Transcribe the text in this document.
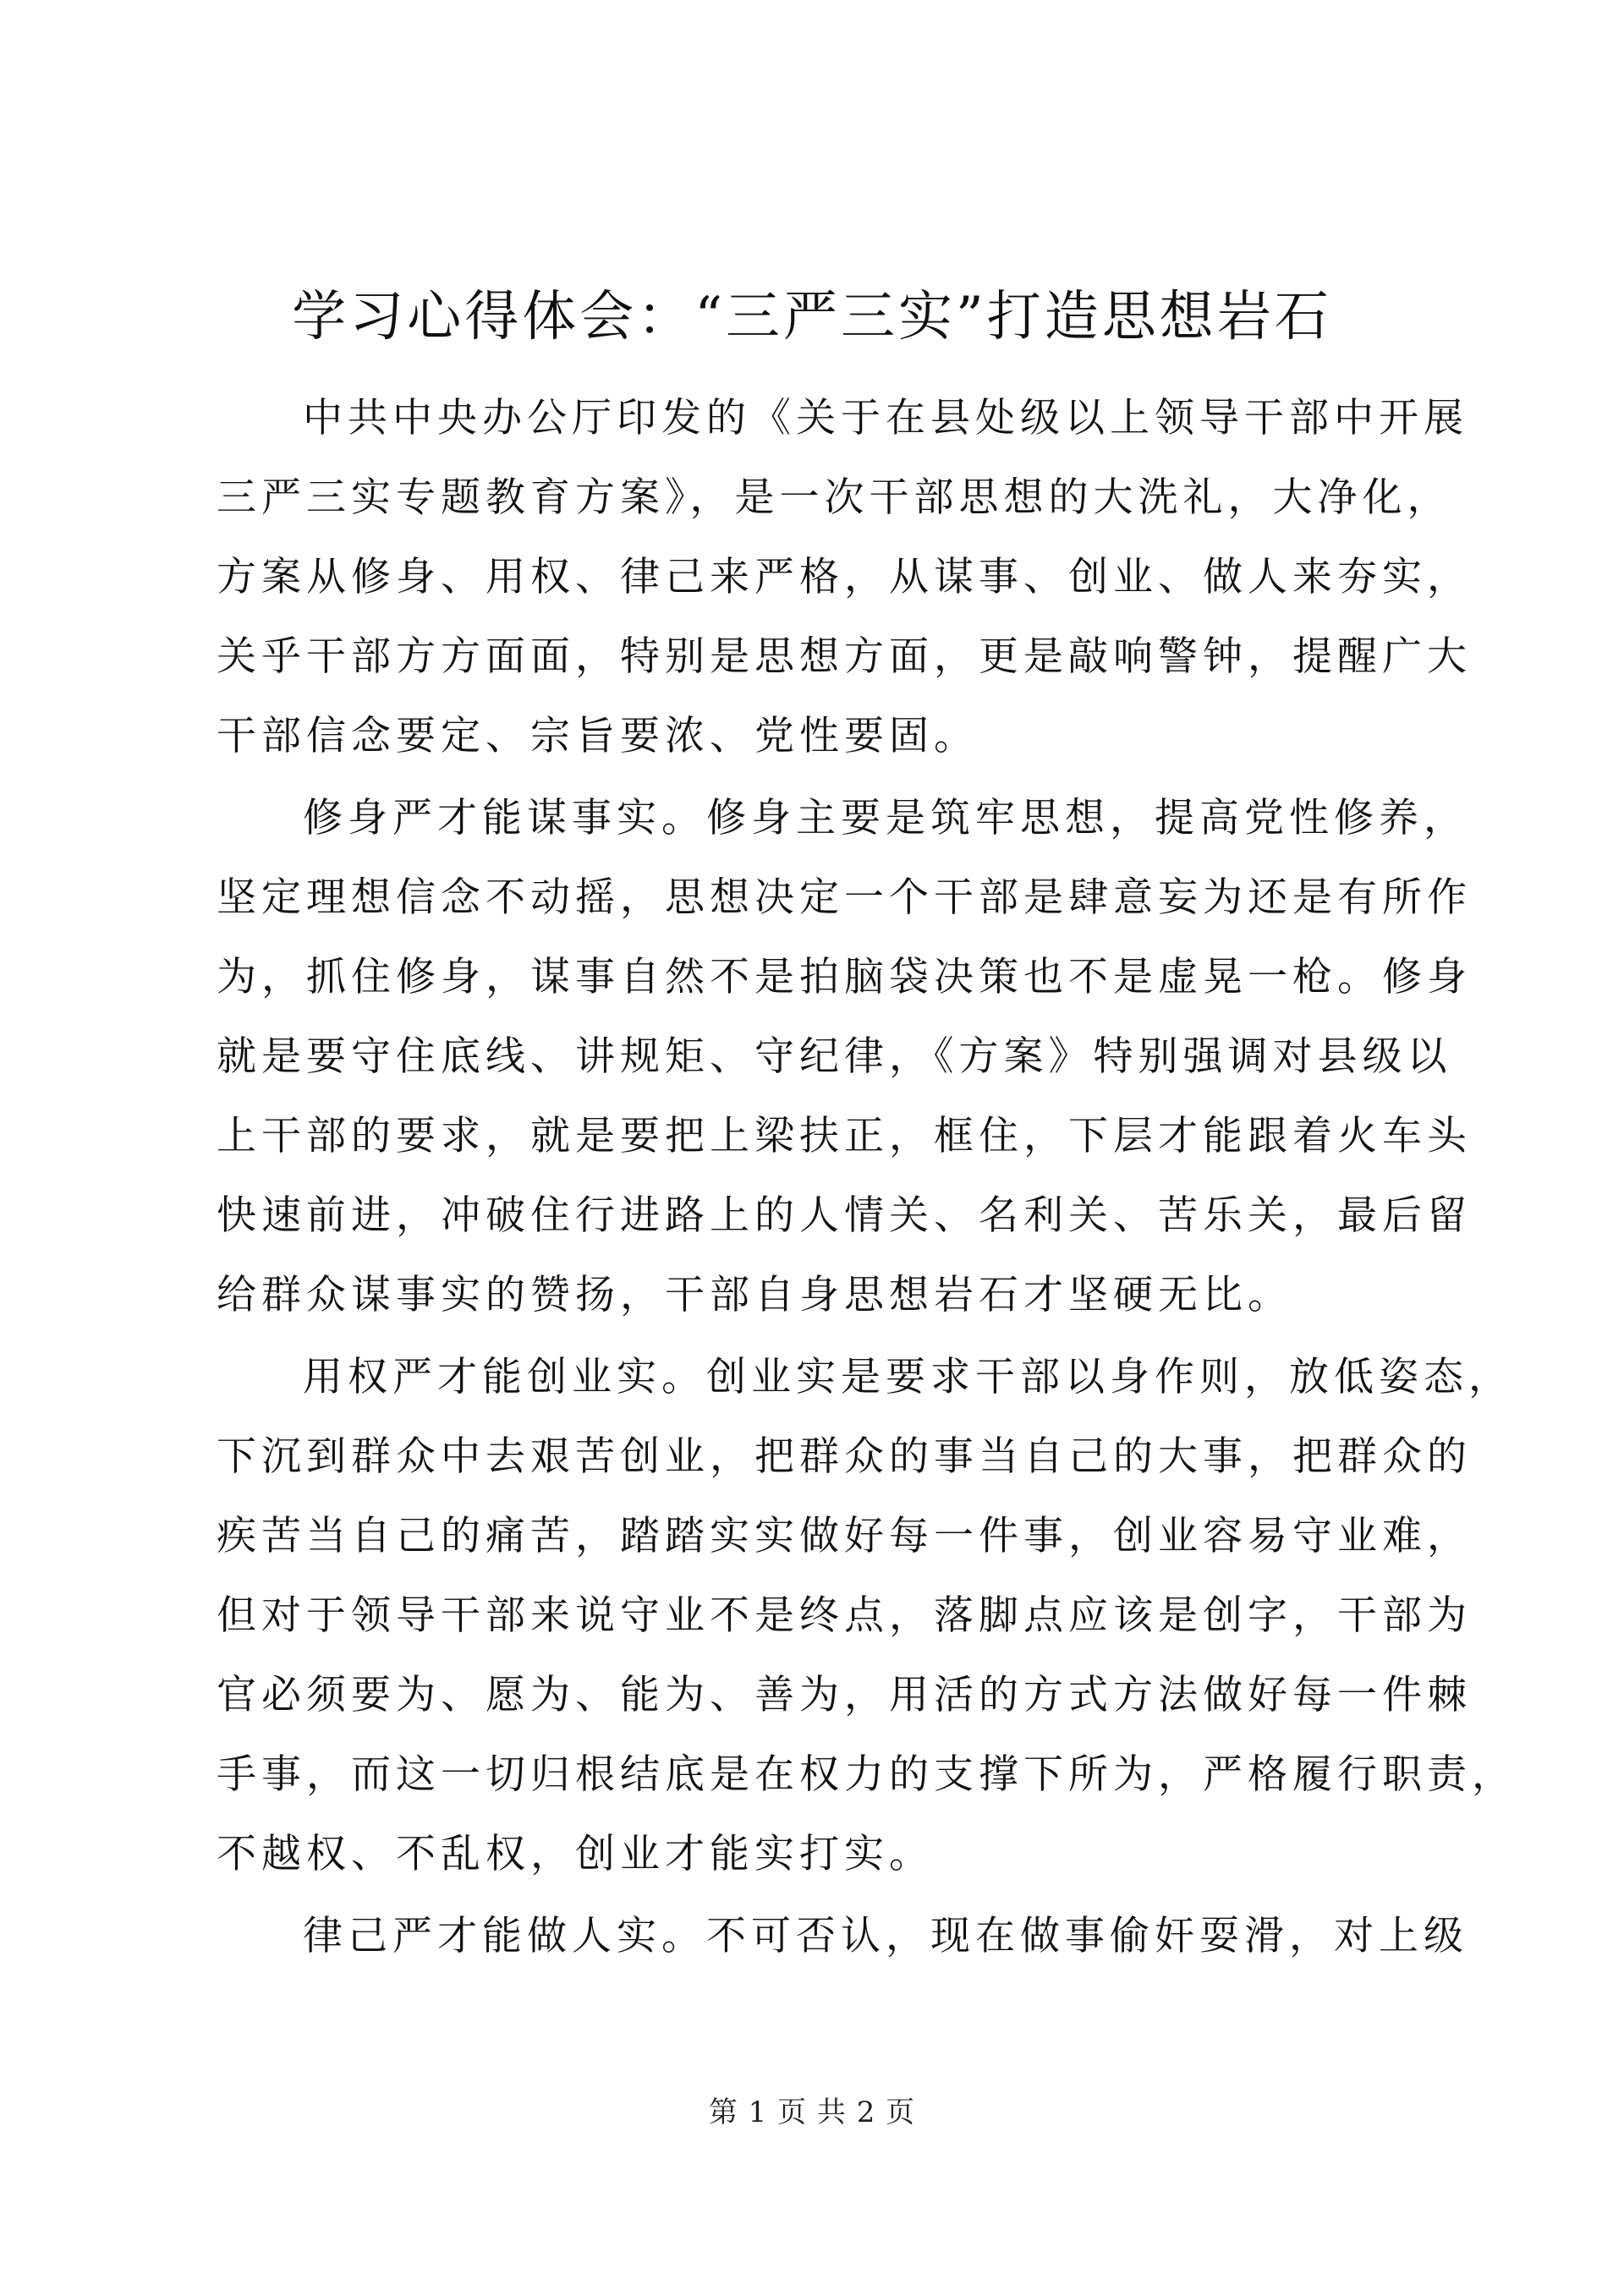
学习心得体会：“三严三实”打造思想岩石

中共中央办公厅印发的《关于在县处级以上领导干部中开展
三严三实专题教育方案》，是一次干部思想的大洗礼，大净化，
方案从修身、用权、律己来严格，从谋事、创业、做人来夯实，
关乎干部方方面面，特别是思想方面，更是敲响警钟，提醒广大
干部信念要定、宗旨要浓、党性要固。

修身严才能谋事实。修身主要是筑牢思想，提高党性修养，
坚定理想信念不动摇，思想决定一个干部是肆意妄为还是有所作
为，抓住修身，谋事自然不是拍脑袋决策也不是虚晃一枪。修身
就是要守住底线、讲规矩、守纪律，《方案》特别强调对县级以
上干部的要求，就是要把上梁扶正，框住，下层才能跟着火车头
快速前进，冲破住行进路上的人情关、名利关、苦乐关，最后留
给群众谋事实的赞扬，干部自身思想岩石才坚硬无比。

用权严才能创业实。创业实是要求干部以身作则，放低姿态，
下沉到群众中去艰苦创业，把群众的事当自己的大事，把群众的
疾苦当自己的痛苦，踏踏实实做好每一件事，创业容易守业难，
但对于领导干部来说守业不是终点，落脚点应该是创字，干部为
官必须要为、愿为、能为、善为，用活的方式方法做好每一件棘
手事，而这一切归根结底是在权力的支撑下所为，严格履行职责，
不越权、不乱权，创业才能实打实。

律己严才能做人实。不可否认，现在做事偷奸耍滑，对上级

第 1 页 共 2 页
